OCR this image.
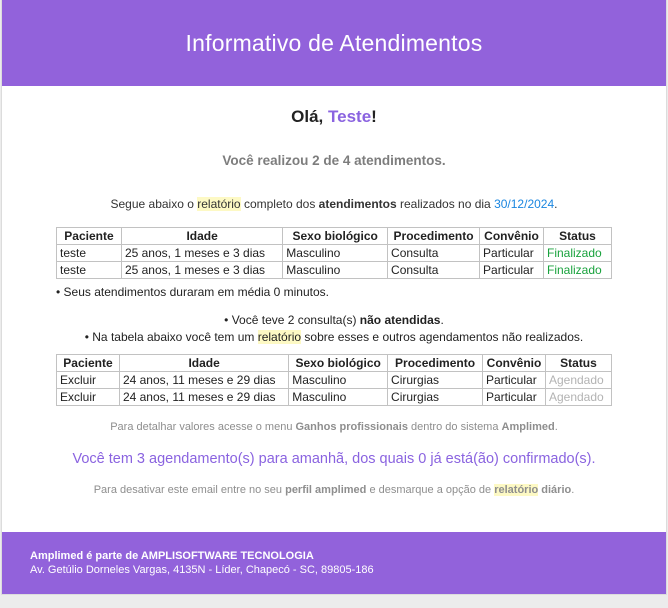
Informativo de Atendimentos
Olá, Teste!
Você realizou 2 de 4 atendimentos.
Segue abaixo o relatório completo dos atendimentos realizados no dia 30/12/2024.
Paciente	Idade	Sexo biológico	Procedimento	Convênio	Status
teste	25 anos, 1 meses e 3 dias	Masculino	Consulta	Particular	Finalizado
teste	25 anos, 1 meses e 3 dias	Masculino	Consulta	Particular	Finalizado
• Seus atendimentos duraram em média 0 minutos.
• Você teve 2 consulta(s) não atendidas.
• Na tabela abaixo você tem um relatório sobre esses e outros agendamentos não realizados.
Paciente	Idade	Sexo biológico	Procedimento	Convênio	Status
Excluir	24 anos, 11 meses e 29 dias	Masculino	Cirurgias	Particular	Agendado
Excluir	24 anos, 11 meses e 29 dias	Masculino	Cirurgias	Particular	Agendado
Para detalhar valores acesse o menu Ganhos profissionais dentro do sistema Amplimed.
Você tem 3 agendamento(s) para amanhã, dos quais 0 já está(ão) confirmado(s).
Para desativar este email entre no seu perfil amplimed e desmarque a opção de relatório diário.
Amplimed é parte de AMPLISOFTWARE TECNOLOGIA
Av. Getúlio Dorneles Vargas, 4135N - Líder, Chapecó - SC, 89805-186
